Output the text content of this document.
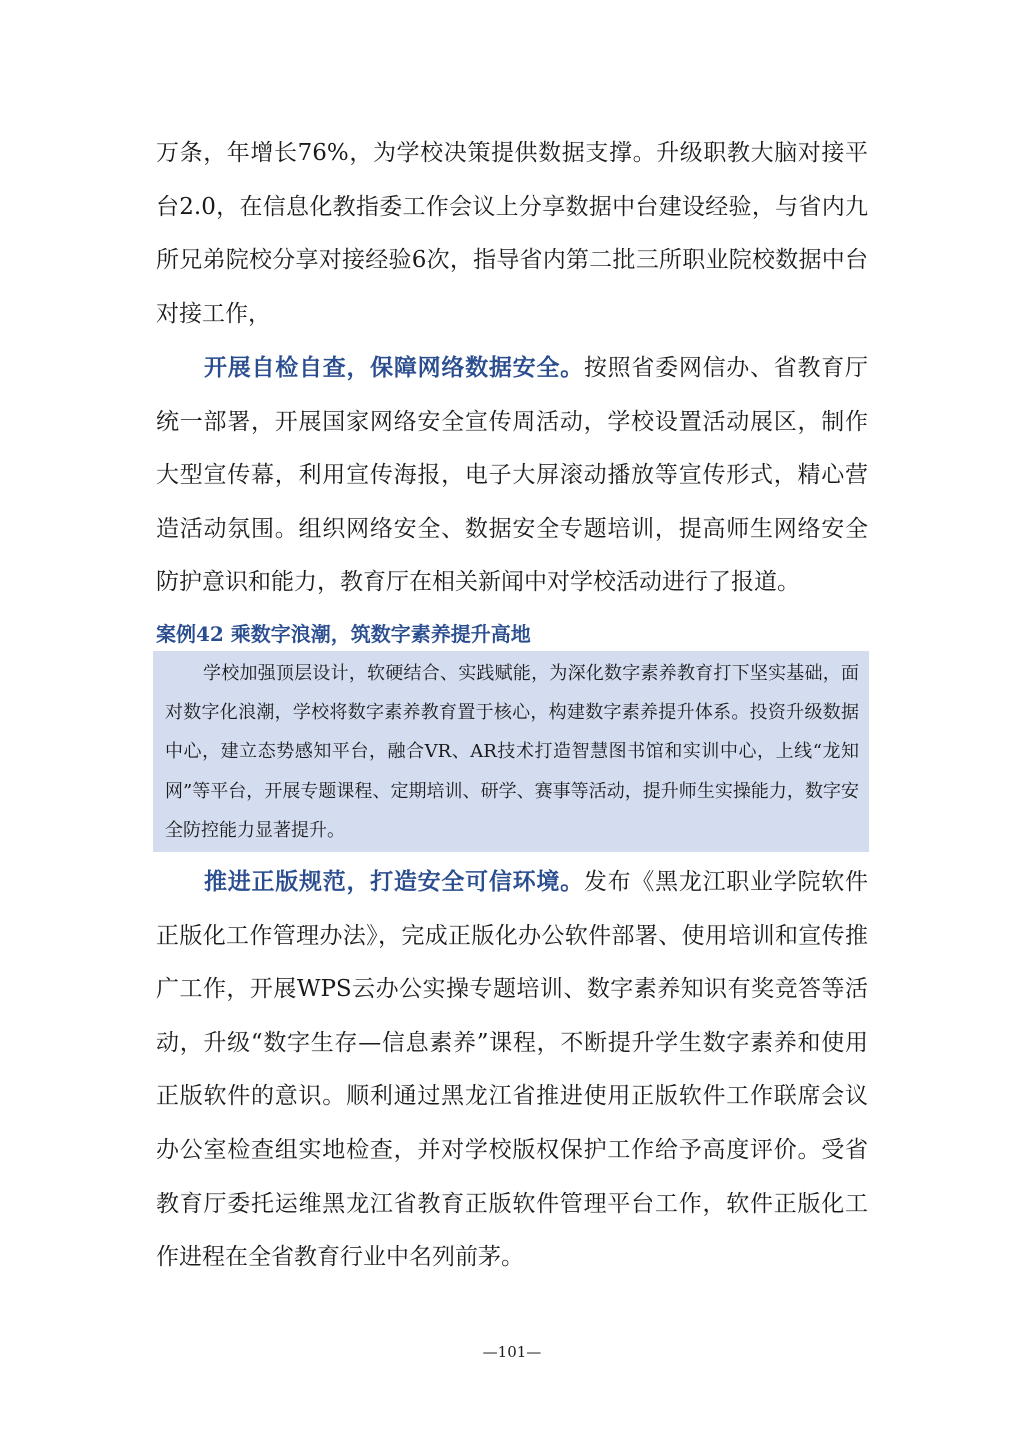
万条，年增长76%，为学校决策提供数据支撑。升级职教大脑对接平台2.0，在信息化教指委工作会议上分享数据中台建设经验，与省内九所兄弟院校分享对接经验6次，指导省内第二批三所职业院校数据中台对接工作，

开展自检自查，保障网络数据安全。按照省委网信办、省教育厅统一部署，开展国家网络安全宣传周活动，学校设置活动展区，制作大型宣传幕，利用宣传海报，电子大屏滚动播放等宣传形式，精心营造活动氛围。组织网络安全、数据安全专题培训，提高师生网络安全防护意识和能力，教育厅在相关新闻中对学校活动进行了报道。

案例42 乘数字浪潮，筑数字素养提升高地

学校加强顶层设计，软硬结合、实践赋能，为深化数字素养教育打下坚实基础，面对数字化浪潮，学校将数字素养教育置于核心，构建数字素养提升体系。投资升级数据中心，建立态势感知平台，融合VR、AR技术打造智慧图书馆和实训中心，上线“龙知网”等平台，开展专题课程、定期培训、研学、赛事等活动，提升师生实操能力，数字安全防控能力显著提升。

推进正版规范，打造安全可信环境。发布《黑龙江职业学院软件正版化工作管理办法》，完成正版化办公软件部署、使用培训和宣传推广工作，开展WPS云办公实操专题培训、数字素养知识有奖竞答等活动，升级“数字生存—信息素养”课程，不断提升学生数字素养和使用正版软件的意识。顺利通过黑龙江省推进使用正版软件工作联席会议办公室检查组实地检查，并对学校版权保护工作给予高度评价。受省教育厅委托运维黑龙江省教育正版软件管理平台工作，软件正版化工作进程在全省教育行业中名列前茅。

—101—
